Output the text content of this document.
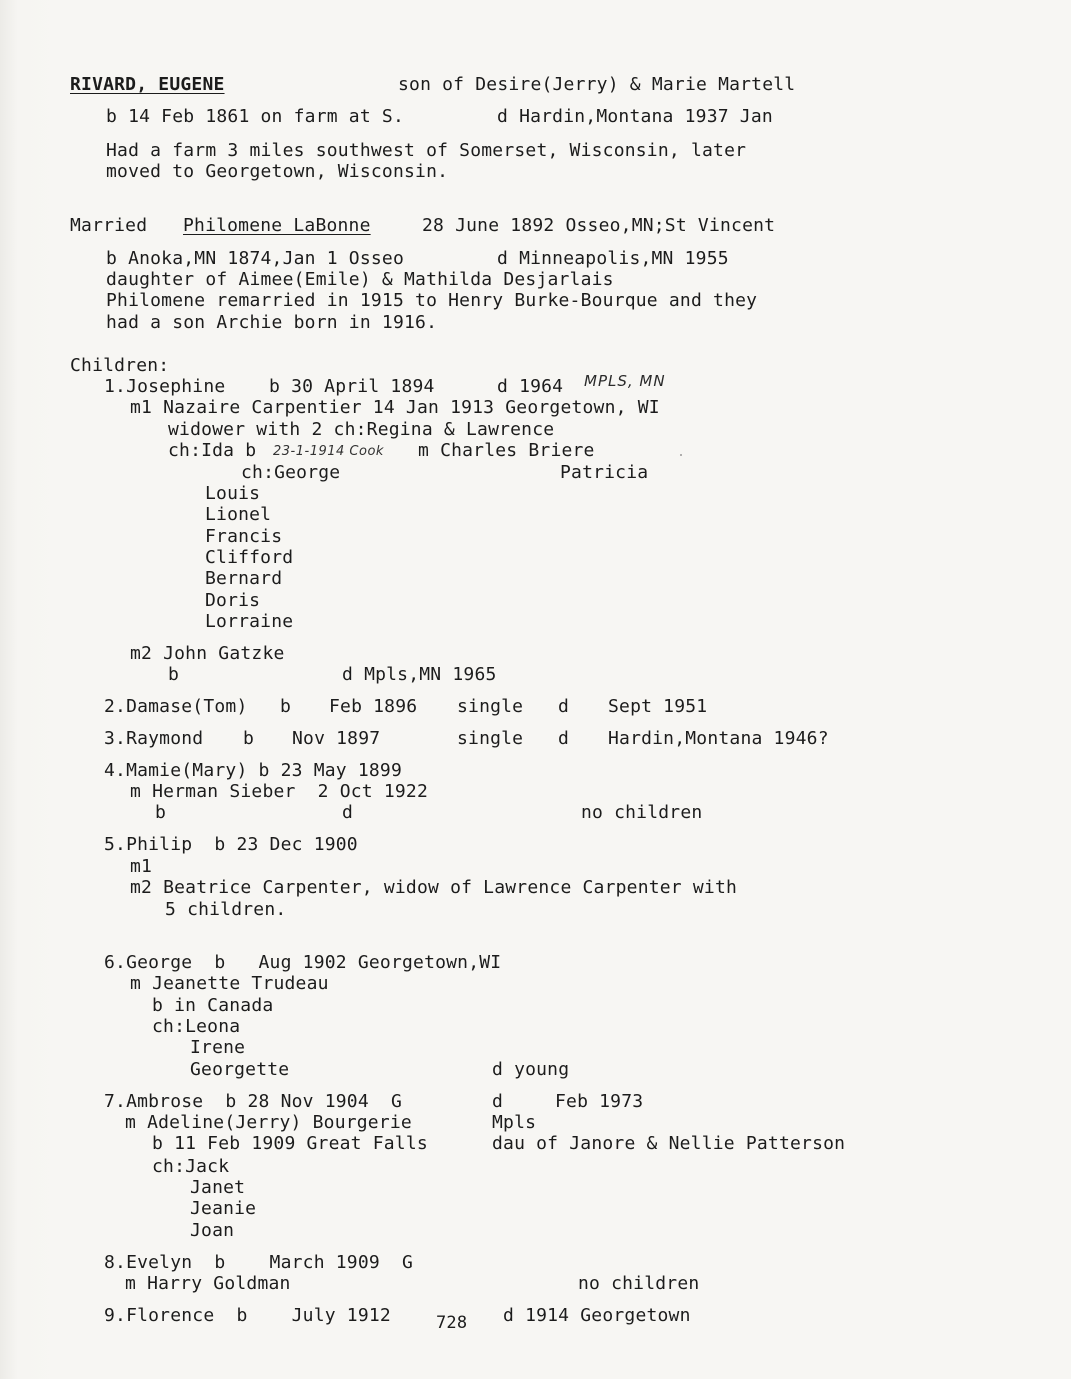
RIVARD, EUGENE	son of Desire(Jerry) & Marie Martell
b 14 Feb 1861 on farm at S.	d Hardin,Montana 1937 Jan
Had a farm 3 miles southwest of Somerset, Wisconsin, later
moved to Georgetown, Wisconsin.
Married Philomene LaBonne	28 June 1892 Osseo,MN;St Vincent
b Anoka,MN 1874,Jan 1 Osseo	d Minneapolis,MN 1955
daughter of Aimee(Emile) & Mathilda Desjarlais
Philomene remarried in 1915 to Henry Burke-Bourque and they
had a son Archie born in 1916.
Children:
1.Josephine b 30 April 1894	d 1964 MPLS, MN
m1 Nazaire Carpentier 14 Jan 1913 Georgetown, WI
widower with 2 ch:Regina & Lawrence
ch:Ida b 23-1-1914 Cook m Charles Briere
ch:George	Patricia
Louis
Lionel
Francis
Clifford
Bernard
Doris
Lorraine
m2 John Gatzke
b	d Mpls,MN 1965
2.Damase(Tom) b Feb 1896 single d Sept 1951
3.Raymond b Nov 1897	single d Hardin,Montana 1946?
4.Mamie(Mary) b 23 May 1899
m Herman Sieber  2 Oct 1922
b	d	no children
5.Philip  b 23 Dec 1900
m1
m2 Beatrice Carpenter, widow of Lawrence Carpenter with
5 children.
6.George  b   Aug 1902 Georgetown,WI
m Jeanette Trudeau
b in Canada
ch:Leona
Irene
Georgette	d young
7.Ambrose  b 28 Nov 1904  G	d	Feb 1973
m Adeline(Jerry) Bourgerie	Mpls
b 11 Feb 1909 Great Falls	dau of Janore & Nellie Patterson
ch:Jack
Janet
Jeanie
Joan
8.Evelyn  b    March 1909  G
m Harry Goldman	no children
9.Florence  b    July 1912	728 d 1914 Georgetown
